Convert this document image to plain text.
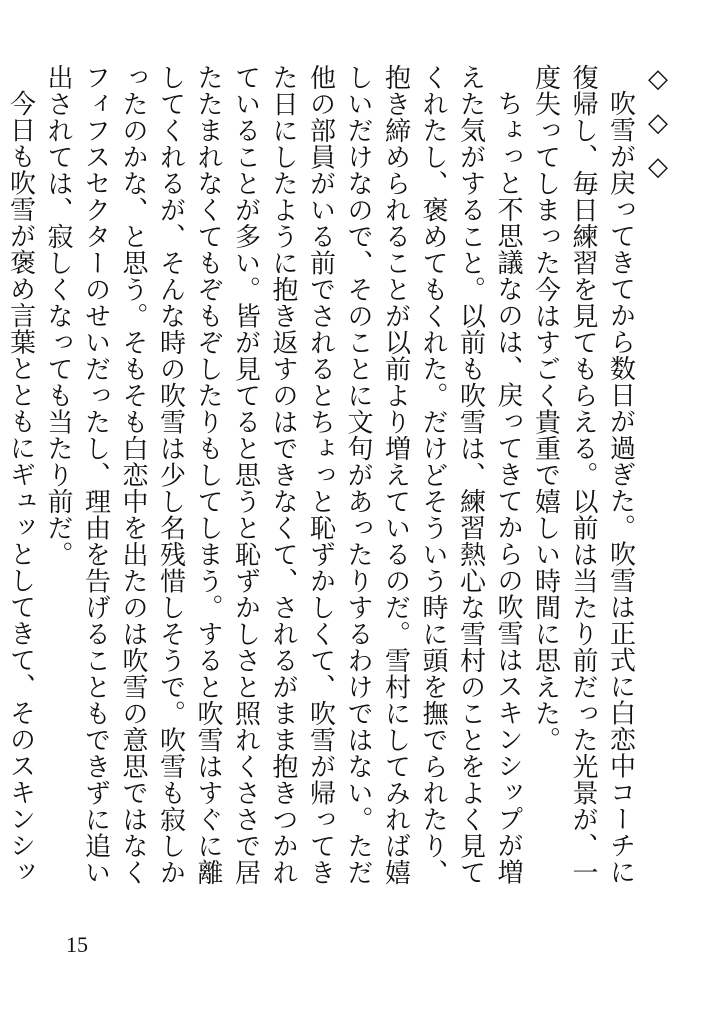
◇◇◇

吹雪が戻ってきてから数日が過ぎた。吹雪は正式に白恋中コーチに復帰し、毎日練習を見てもらえる。以前は当たり前だった光景が、一度失ってしまった今はすごく貴重で嬉しい時間に思えた。

ちょっと不思議なのは、戻ってきてからの吹雪はスキンシップが増えた気がすること。以前も吹雪は、練習熱心な雪村のことをよく見てくれたし、褒めてもくれた。だけどそういう時に頭を撫でられたり、抱き締められることが以前より増えているのだ。雪村にしてみれば嬉しいだけなので、そのことに文句があったりするわけではない。ただ他の部員がいる前でされるとちょっと恥ずかしくて、吹雪が帰ってきた日にしたように抱き返すのはできなくて、されるがまま抱きつかれていることが多い。皆が見てると思うと恥ずかしさと照れくささで居たたまれなくてもぞもぞしたりもしてしまう。すると吹雪はすぐに離してくれるが、そんな時の吹雪は少し名残惜しそうで。吹雪も寂しかったのかな、と思う。そもそも白恋中を出たのは吹雪の意思ではなくフィフスセクターのせいだったし、理由を告げることもできずに追い出されては、寂しくなっても当たり前だ。

今日も吹雪が褒め言葉とともにギュッとしてきて、そのスキンシッ

15
